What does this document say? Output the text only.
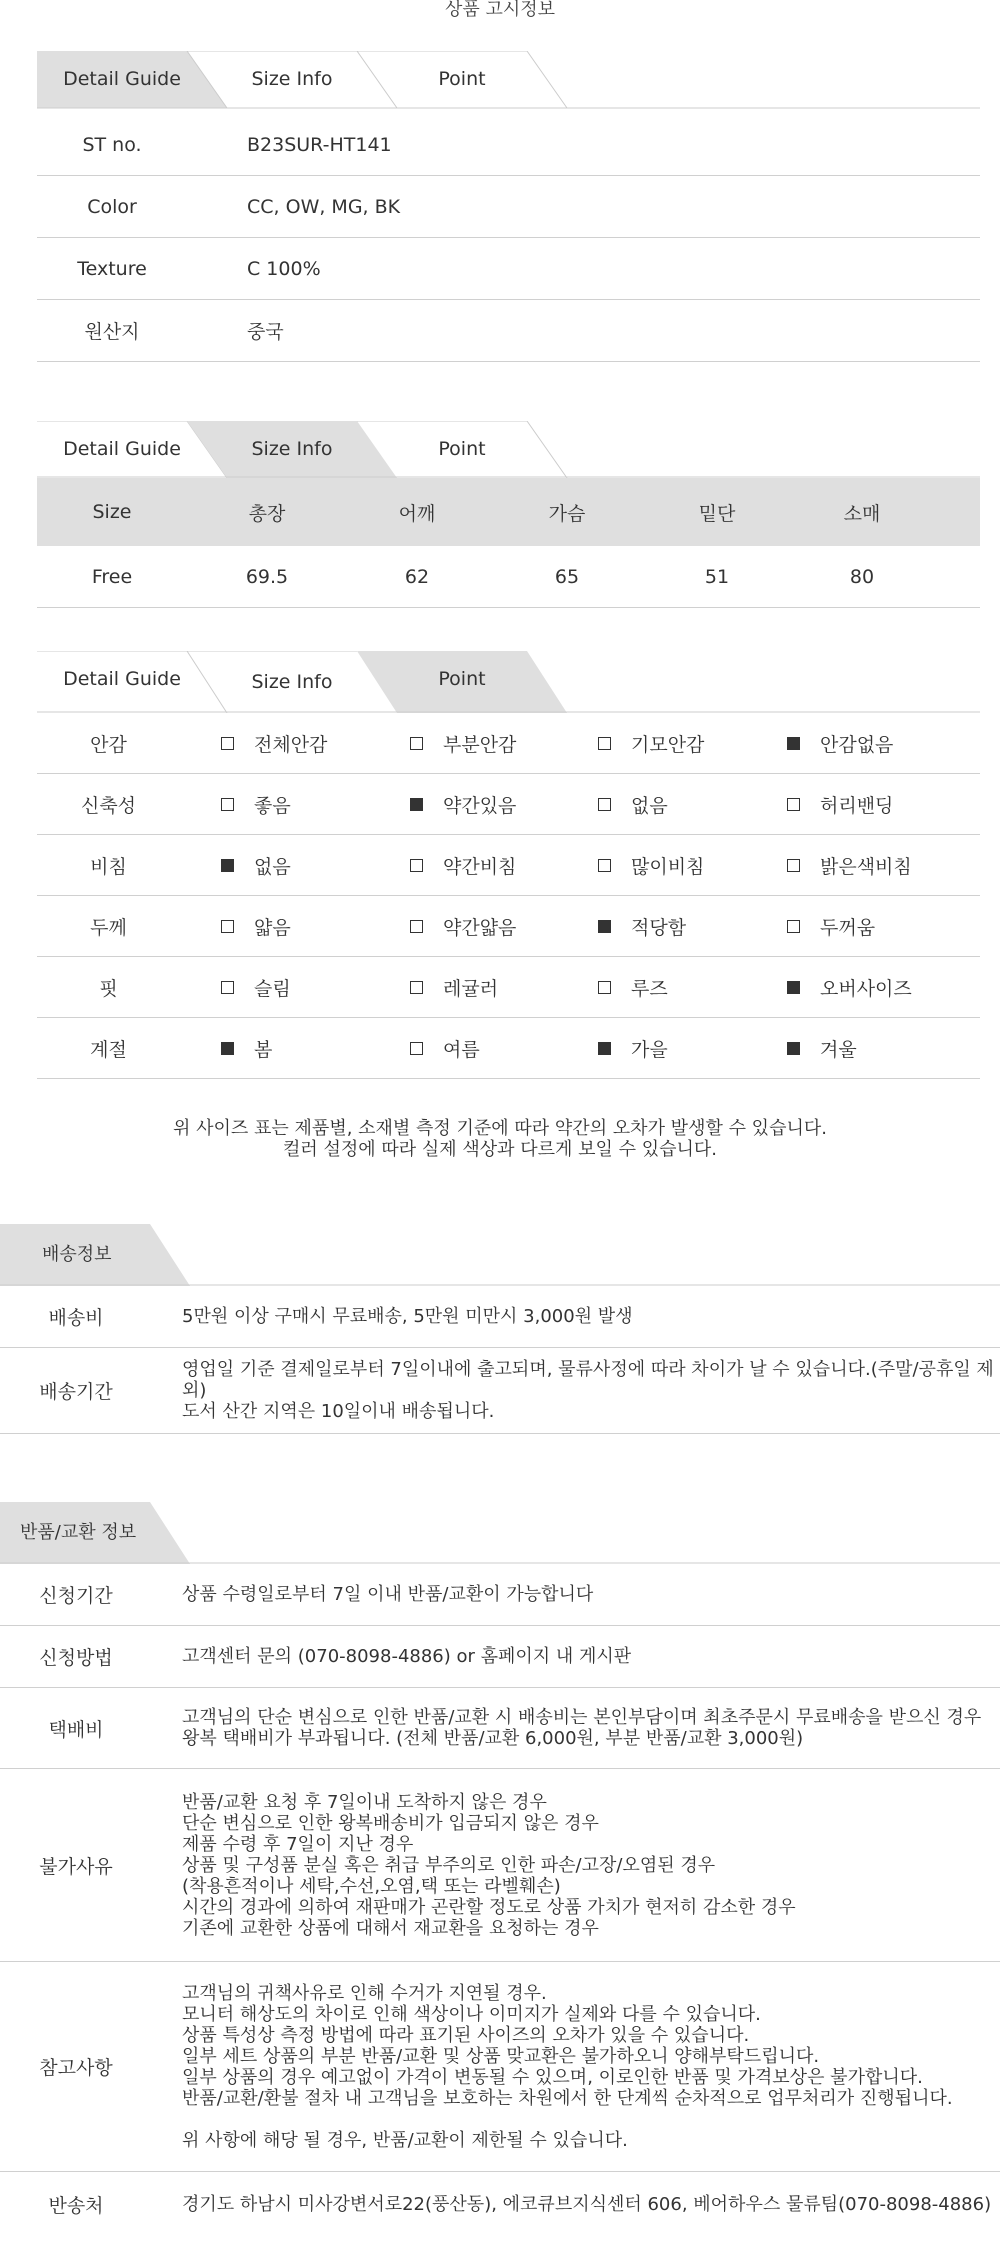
상품 고시정보
Detail Guide	Size Info	Point
ST no.	B23SUR-HT141
Color	CC, OW, MG, BK
Texture	C 100%
원산지	중국
Detail Guide	Size Info	Point
Size	총장	어깨	가슴	밑단	소매
Free	69.5	62	65	51	80
Detail Guide	Size Info	Point
안감	전체안감	부분안감	기모안감	안감없음
신축성	좋음	약간있음	없음	허리밴딩
비침	없음	약간비침	많이비침	밝은색비침
두께	얇음	약간얇음	적당함	두꺼움
핏	슬림	레귤러	루즈	오버사이즈
계절	봄	여름	가을	겨울
위 사이즈 표는 제품별, 소재별 측정 기준에 따라 약간의 오차가 발생할 수 있습니다.
컬러 설정에 따라 실제 색상과 다르게 보일 수 있습니다.
배송정보
배송비	5만원 이상 구매시 무료배송, 5만원 미만시 3,000원 발생
배송기간
영업일 기준 결제일로부터 7일이내에 출고되며, 물류사정에 따라 차이가 날 수 있습니다.(주말/공휴일 제외)
도서 산간 지역은 10일이내 배송됩니다.
반품/교환 정보
신청기간	상품 수령일로부터 7일 이내 반품/교환이 가능합니다
신청방법	고객센터 문의 (070-8098-4886) or 홈페이지 내 게시판
택배비
고객님의 단순 변심으로 인한 반품/교환 시 배송비는 본인부담이며 최초주문시 무료배송을 받으신 경우
왕복 택배비가 부과됩니다. (전체 반품/교환 6,000원, 부분 반품/교환 3,000원)
불가사유
반품/교환 요청 후 7일이내 도착하지 않은 경우
단순 변심으로 인한 왕복배송비가 입금되지 않은 경우
제품 수령 후 7일이 지난 경우
상품 및 구성품 분실 혹은 취급 부주의로 인한 파손/고장/오염된 경우
(착용흔적이나 세탁,수선,오염,택 또는 라벨훼손)
시간의 경과에 의하여 재판매가 곤란할 정도로 상품 가치가 현저히 감소한 경우
기존에 교환한 상품에 대해서 재교환을 요청하는 경우
참고사항
고객님의 귀책사유로 인해 수거가 지연될 경우.
모니터 해상도의 차이로 인해 색상이나 이미지가 실제와 다를 수 있습니다.
상품 특성상 측정 방법에 따라 표기된 사이즈의 오차가 있을 수 있습니다.
일부 세트 상품의 부분 반품/교환 및 상품 맞교환은 불가하오니 양해부탁드립니다.
일부 상품의 경우 예고없이 가격이 변동될 수 있으며, 이로인한 반품 및 가격보상은 불가합니다.
반품/교환/환불 절차 내 고객님을 보호하는 차원에서 한 단계씩 순차적으로 업무처리가 진행됩니다.

위 사항에 해당 될 경우, 반품/교환이 제한될 수 있습니다.
반송처	경기도 하남시 미사강변서로22(풍산동), 에코큐브지식센터 606, 베어하우스 물류팀(070-8098-4886)
